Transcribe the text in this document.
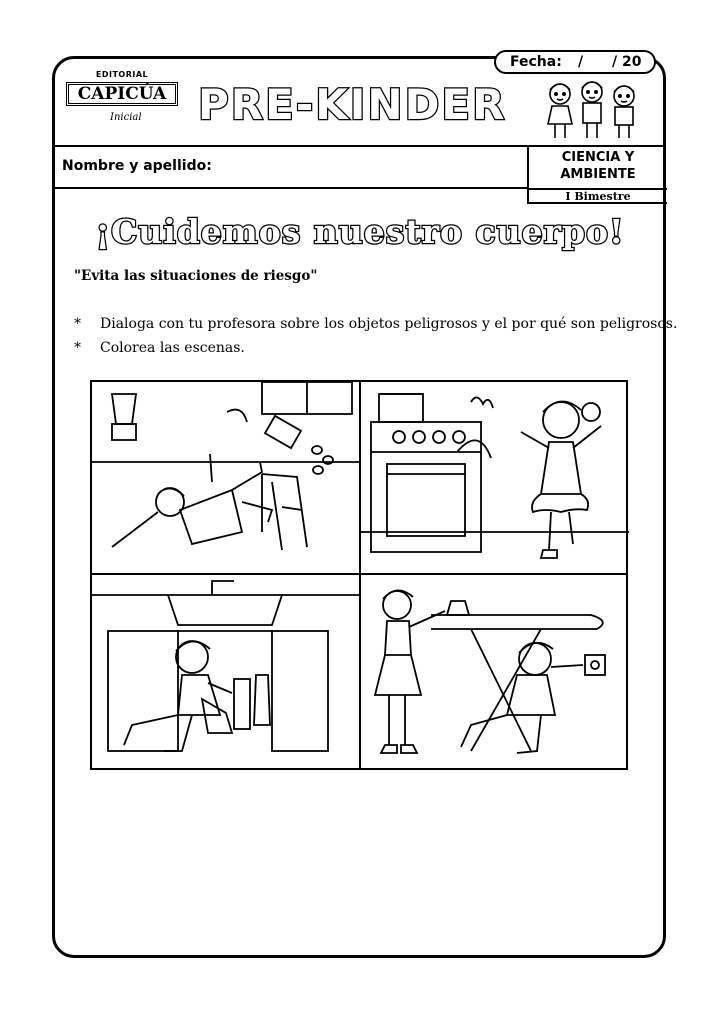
Fecha: / / 20
EDITORIAL
CAPICÚA
Inicial PRE-KINDER
Nombre y apellido:
CIENCIA Y
AMBIENTE
I Bimestre
¡Cuidemos nuestro cuerpo!
"Evita las situaciones de riesgo"
* Dialoga con tu profesora sobre los objetos peligrosos y el por qué son peligrosos.
* Colorea las escenas.
